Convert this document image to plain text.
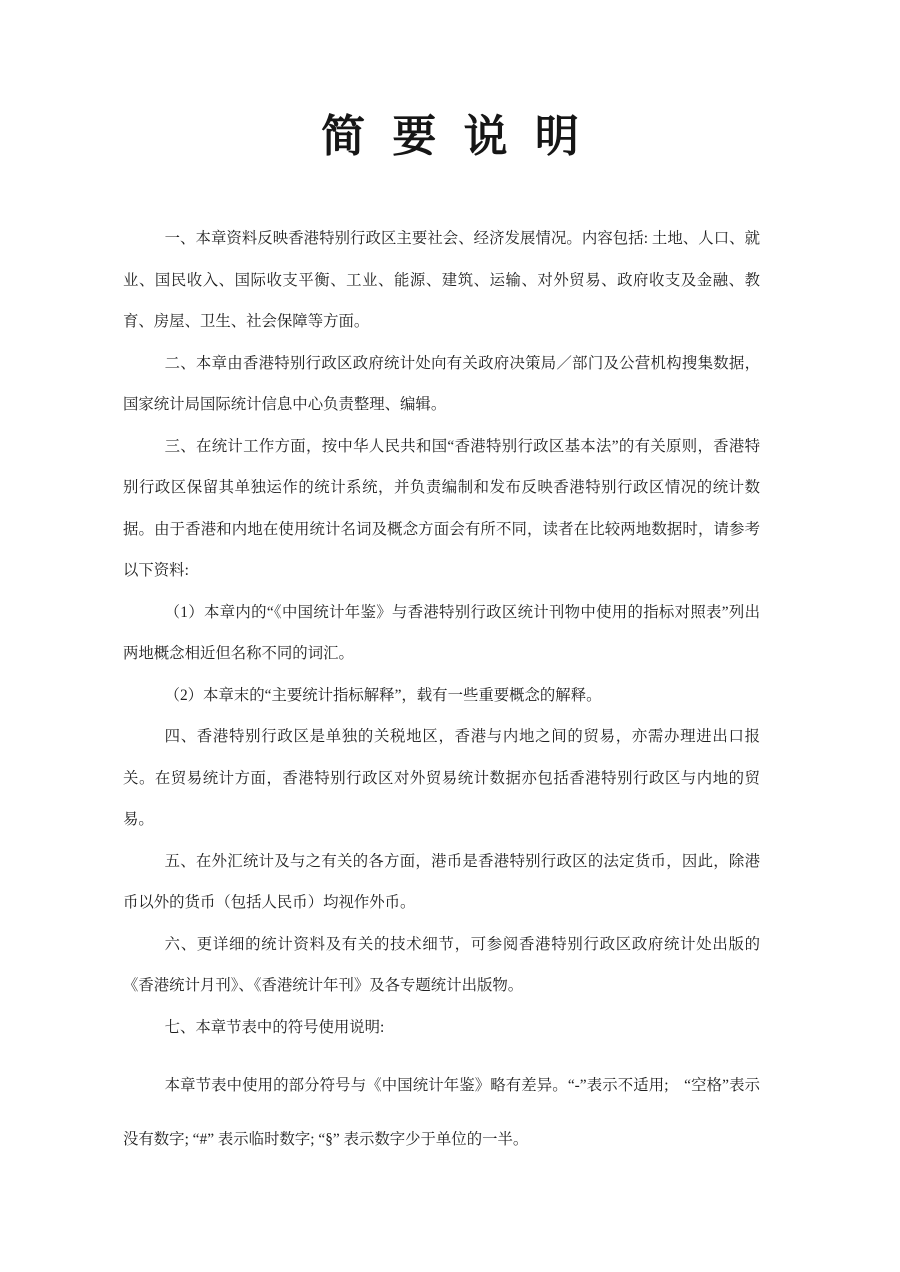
简要说明

一、本章资料反映香港特别行政区主要社会、经济发展情况。内容包括: 土地、人口、就业、国民收入、国际收支平衡、工业、能源、建筑、运输、对外贸易、政府收支及金融、教育、房屋、卫生、社会保障等方面。

二、本章由香港特别行政区政府统计处向有关政府决策局／部门及公营机构搜集数据，国家统计局国际统计信息中心负责整理、编辑。

三、在统计工作方面，按中华人民共和国“香港特别行政区基本法”的有关原则，香港特别行政区保留其单独运作的统计系统，并负责编制和发布反映香港特别行政区情况的统计数据。由于香港和内地在使用统计名词及概念方面会有所不同，读者在比较两地数据时，请参考以下资料:

（1）本章内的“《中国统计年鉴》与香港特别行政区统计刊物中使用的指标对照表”列出两地概念相近但名称不同的词汇。

（2）本章末的“主要统计指标解释”，载有一些重要概念的解释。

四、香港特别行政区是单独的关税地区，香港与内地之间的贸易，亦需办理进出口报关。在贸易统计方面，香港特别行政区对外贸易统计数据亦包括香港特别行政区与内地的贸易。

五、在外汇统计及与之有关的各方面，港币是香港特别行政区的法定货币，因此，除港币以外的货币（包括人民币）均视作外币。

六、更详细的统计资料及有关的技术细节，可参阅香港特别行政区政府统计处出版的《香港统计月刊》、《香港统计年刊》及各专题统计出版物。

七、本章节表中的符号使用说明:

本章节表中使用的部分符号与《中国统计年鉴》略有差异。“-”表示不适用;　“空格”表示没有数字; “#” 表示临时数字; “§” 表示数字少于单位的一半。
